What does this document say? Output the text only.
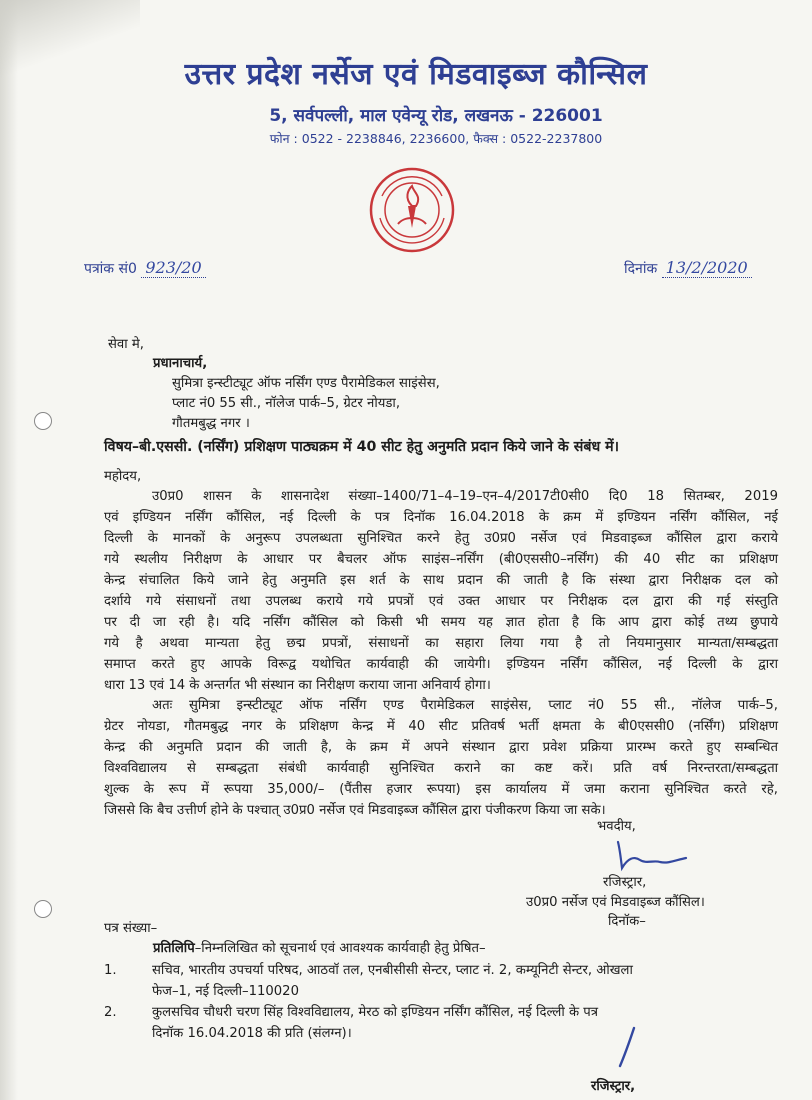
उत्तर प्रदेश नर्सेज एवं मिडवाइब्ज कौन्सिल
5, सर्वपल्ली, माल एवेन्यू रोड, लखनऊ - 226001
फोन : 0522 - 2238846, 2236600, फैक्स : 0522-2237800
पत्रांक सं0 923/20	दिनांक 13/2/2020
सेवा मे,
प्रधानाचार्य,
सुमित्रा इन्स्टीट्यूट ऑफ नर्सिंग एण्ड पैरामेडिकल साइंसेस,
प्लाट नं0 55 सी., नॉलेज पार्क–5, ग्रेटर नोयडा,
गौतमबुद्ध नगर ।
विषय–बी.एससी. (नर्सिंग) प्रशिक्षण पाठ्यक्रम में 40 सीट हेतु अनुमति प्रदान किये जाने के संबंध में।
महोदय,
उ0प्र0 शासन के शासनादेश संख्या–1400/71–4–19–एन–4/2017टी0सी0 दि0 18 सितम्बर, 2019
एवं इण्डियन नर्सिंग कौंसिल, नई दिल्ली के पत्र दिनॉक 16.04.2018 के क्रम में इण्डियन नर्सिंग कौंसिल, नई
दिल्ली के मानकों के अनुरूप उपलब्धता सुनिश्चित करने हेतु उ0प्र0 नर्सेज एवं मिडवाइब्ज कौंसिल द्वारा कराये
गये स्थलीय निरीक्षण के आधार पर बैचलर ऑफ साइंस–नर्सिंग (बी0एससी0–नर्सिंग) की 40 सीट का प्रशिक्षण
केन्द्र संचालित किये जाने हेतु अनुमति इस शर्त के साथ प्रदान की जाती है कि संस्था द्वारा निरीक्षक दल को
दर्शाये गये संसाधनों तथा उपलब्ध कराये गये प्रपत्रों एवं उक्त आधार पर निरीक्षक दल द्वारा की गई संस्तुति
पर दी जा रही है। यदि नर्सिंग कौंसिल को किसी भी समय यह ज्ञात होता है कि आप द्वारा कोई तथ्य छुपाये
गये है अथवा मान्यता हेतु छद्म प्रपत्रों, संसाधनों का सहारा लिया गया है तो नियमानुसार मान्यता/सम्बद्धता
समाप्त करते हुए आपके विरूद्व यथोचित कार्यवाही की जायेगी। इण्डियन नर्सिंग कौंसिल, नई दिल्ली के द्वारा
धारा 13 एवं 14 के अन्तर्गत भी संस्थान का निरीक्षण कराया जाना अनिवार्य होगा।
अतः सुमित्रा इन्स्टीट्यूट ऑफ नर्सिंग एण्ड पैरामेडिकल साइंसेस, प्लाट नं0 55 सी., नॉलेज पार्क–5,
ग्रेटर नोयडा, गौतमबुद्ध नगर के प्रशिक्षण केन्द्र में 40 सीट प्रतिवर्ष भर्ती क्षमता के बी0एससी0 (नर्सिंग) प्रशिक्षण
केन्द्र की अनुमति प्रदान की जाती है, के क्रम में अपने संस्थान द्वारा प्रवेश प्रक्रिया प्रारम्भ करते हुए सम्बन्धित
विश्वविद्यालय से सम्बद्धता संबंधी कार्यवाही सुनिश्चित कराने का कष्ट करें। प्रति वर्ष निरन्तरता/सम्बद्धता
शुल्क के रूप में रूपया 35,000/– (पैंतीस हजार रूपया) इस कार्यालय में जमा कराना सुनिश्चित करते रहे,
जिससे कि बैच उत्तीर्ण होने के पश्चात् उ0प्र0 नर्सेज एवं मिडवाइब्ज कौंसिल द्वारा पंजीकरण किया जा सके।
भवदीय,
रजिस्ट्रार,
उ0प्र0 नर्सेज एवं मिडवाइब्ज कौंसिल।
दिनॉक–
पत्र संख्या–
प्रतिलिपि–निम्नलिखित को सूचनार्थ एवं आवश्यक कार्यवाही हेतु प्रेषित–
1.	सचिव, भारतीय उपचर्या परिषद, आठवॉ तल, एनबीसीसी सेन्टर, प्लाट नं. 2, कम्यूनिटी सेन्टर, ओखला
फेज–1, नई दिल्ली–110020
2.	कुलसचिव चौधरी चरण सिंह विश्वविद्यालय, मेरठ को इण्डियन नर्सिंग कौंसिल, नई दिल्ली के पत्र
दिनॉक 16.04.2018 की प्रति (संलग्न)।
रजिस्ट्रार,
